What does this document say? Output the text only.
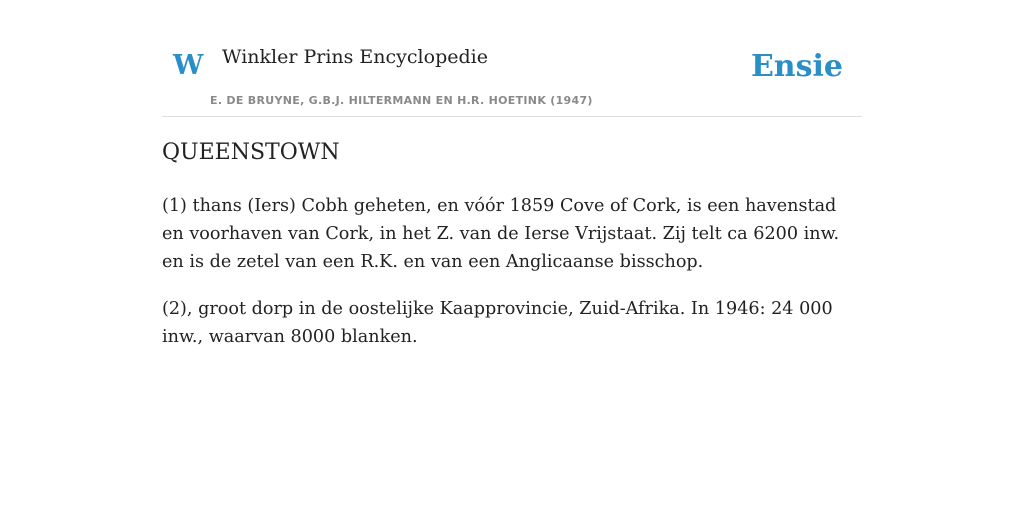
W Winkler Prins Encyclopedie
E. DE BRUYNE, G.B.J. HILTERMANN EN H.R. HOETINK (1947)
Ensie
QUEENSTOWN

(1) thans (Iers) Cobh geheten, en vóór 1859 Cove of Cork, is een havenstad en voorhaven van Cork, in het Z. van de Ierse Vrijstaat. Zij telt ca 6200 inw. en is de zetel van een R.K. en van een Anglicaanse bisschop.

(2), groot dorp in de oostelijke Kaapprovincie, Zuid-Afrika. In 1946: 24 000 inw., waarvan 8000 blanken.
